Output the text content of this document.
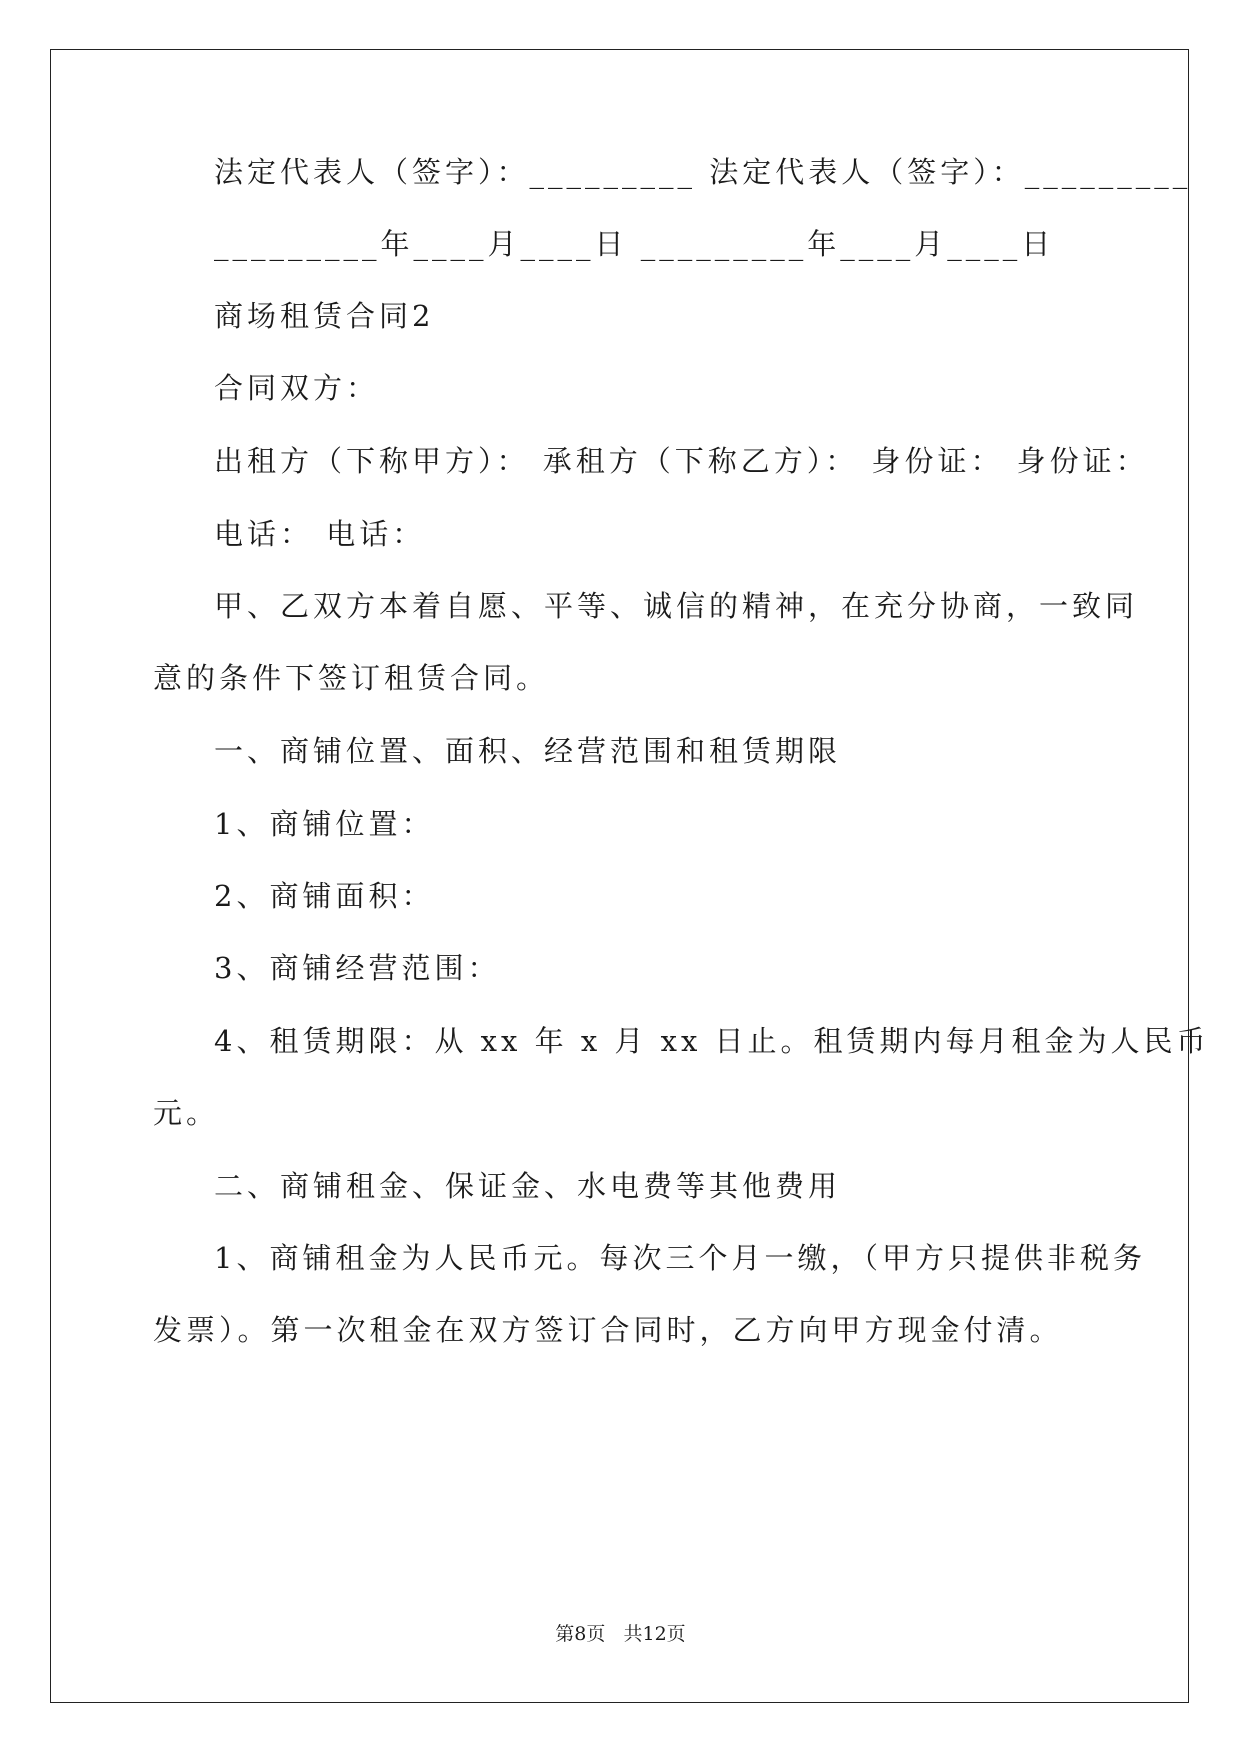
法定代表人（签字）：_________ 法定代表人（签字）：_________
_________年____月____日 _________年____月____日
商场租赁合同2
合同双方：
出租方（下称甲方）： 承租方（下称乙方）： 身份证： 身份证：
电话： 电话：
甲、乙双方本着自愿、平等、诚信的精神，在充分协商，一致同
意的条件下签订租赁合同。
一、商铺位置、面积、经营范围和租赁期限
1、商铺位置：
2、商铺面积：
3、商铺经营范围：
4、租赁期限：从 xx 年 x 月 xx 日止。租赁期内每月租金为人民币
元。
二、商铺租金、保证金、水电费等其他费用
1、商铺租金为人民币元。每次三个月一缴，（甲方只提供非税务
发票）。第一次租金在双方签订合同时，乙方向甲方现金付清。
第8页   共12页
